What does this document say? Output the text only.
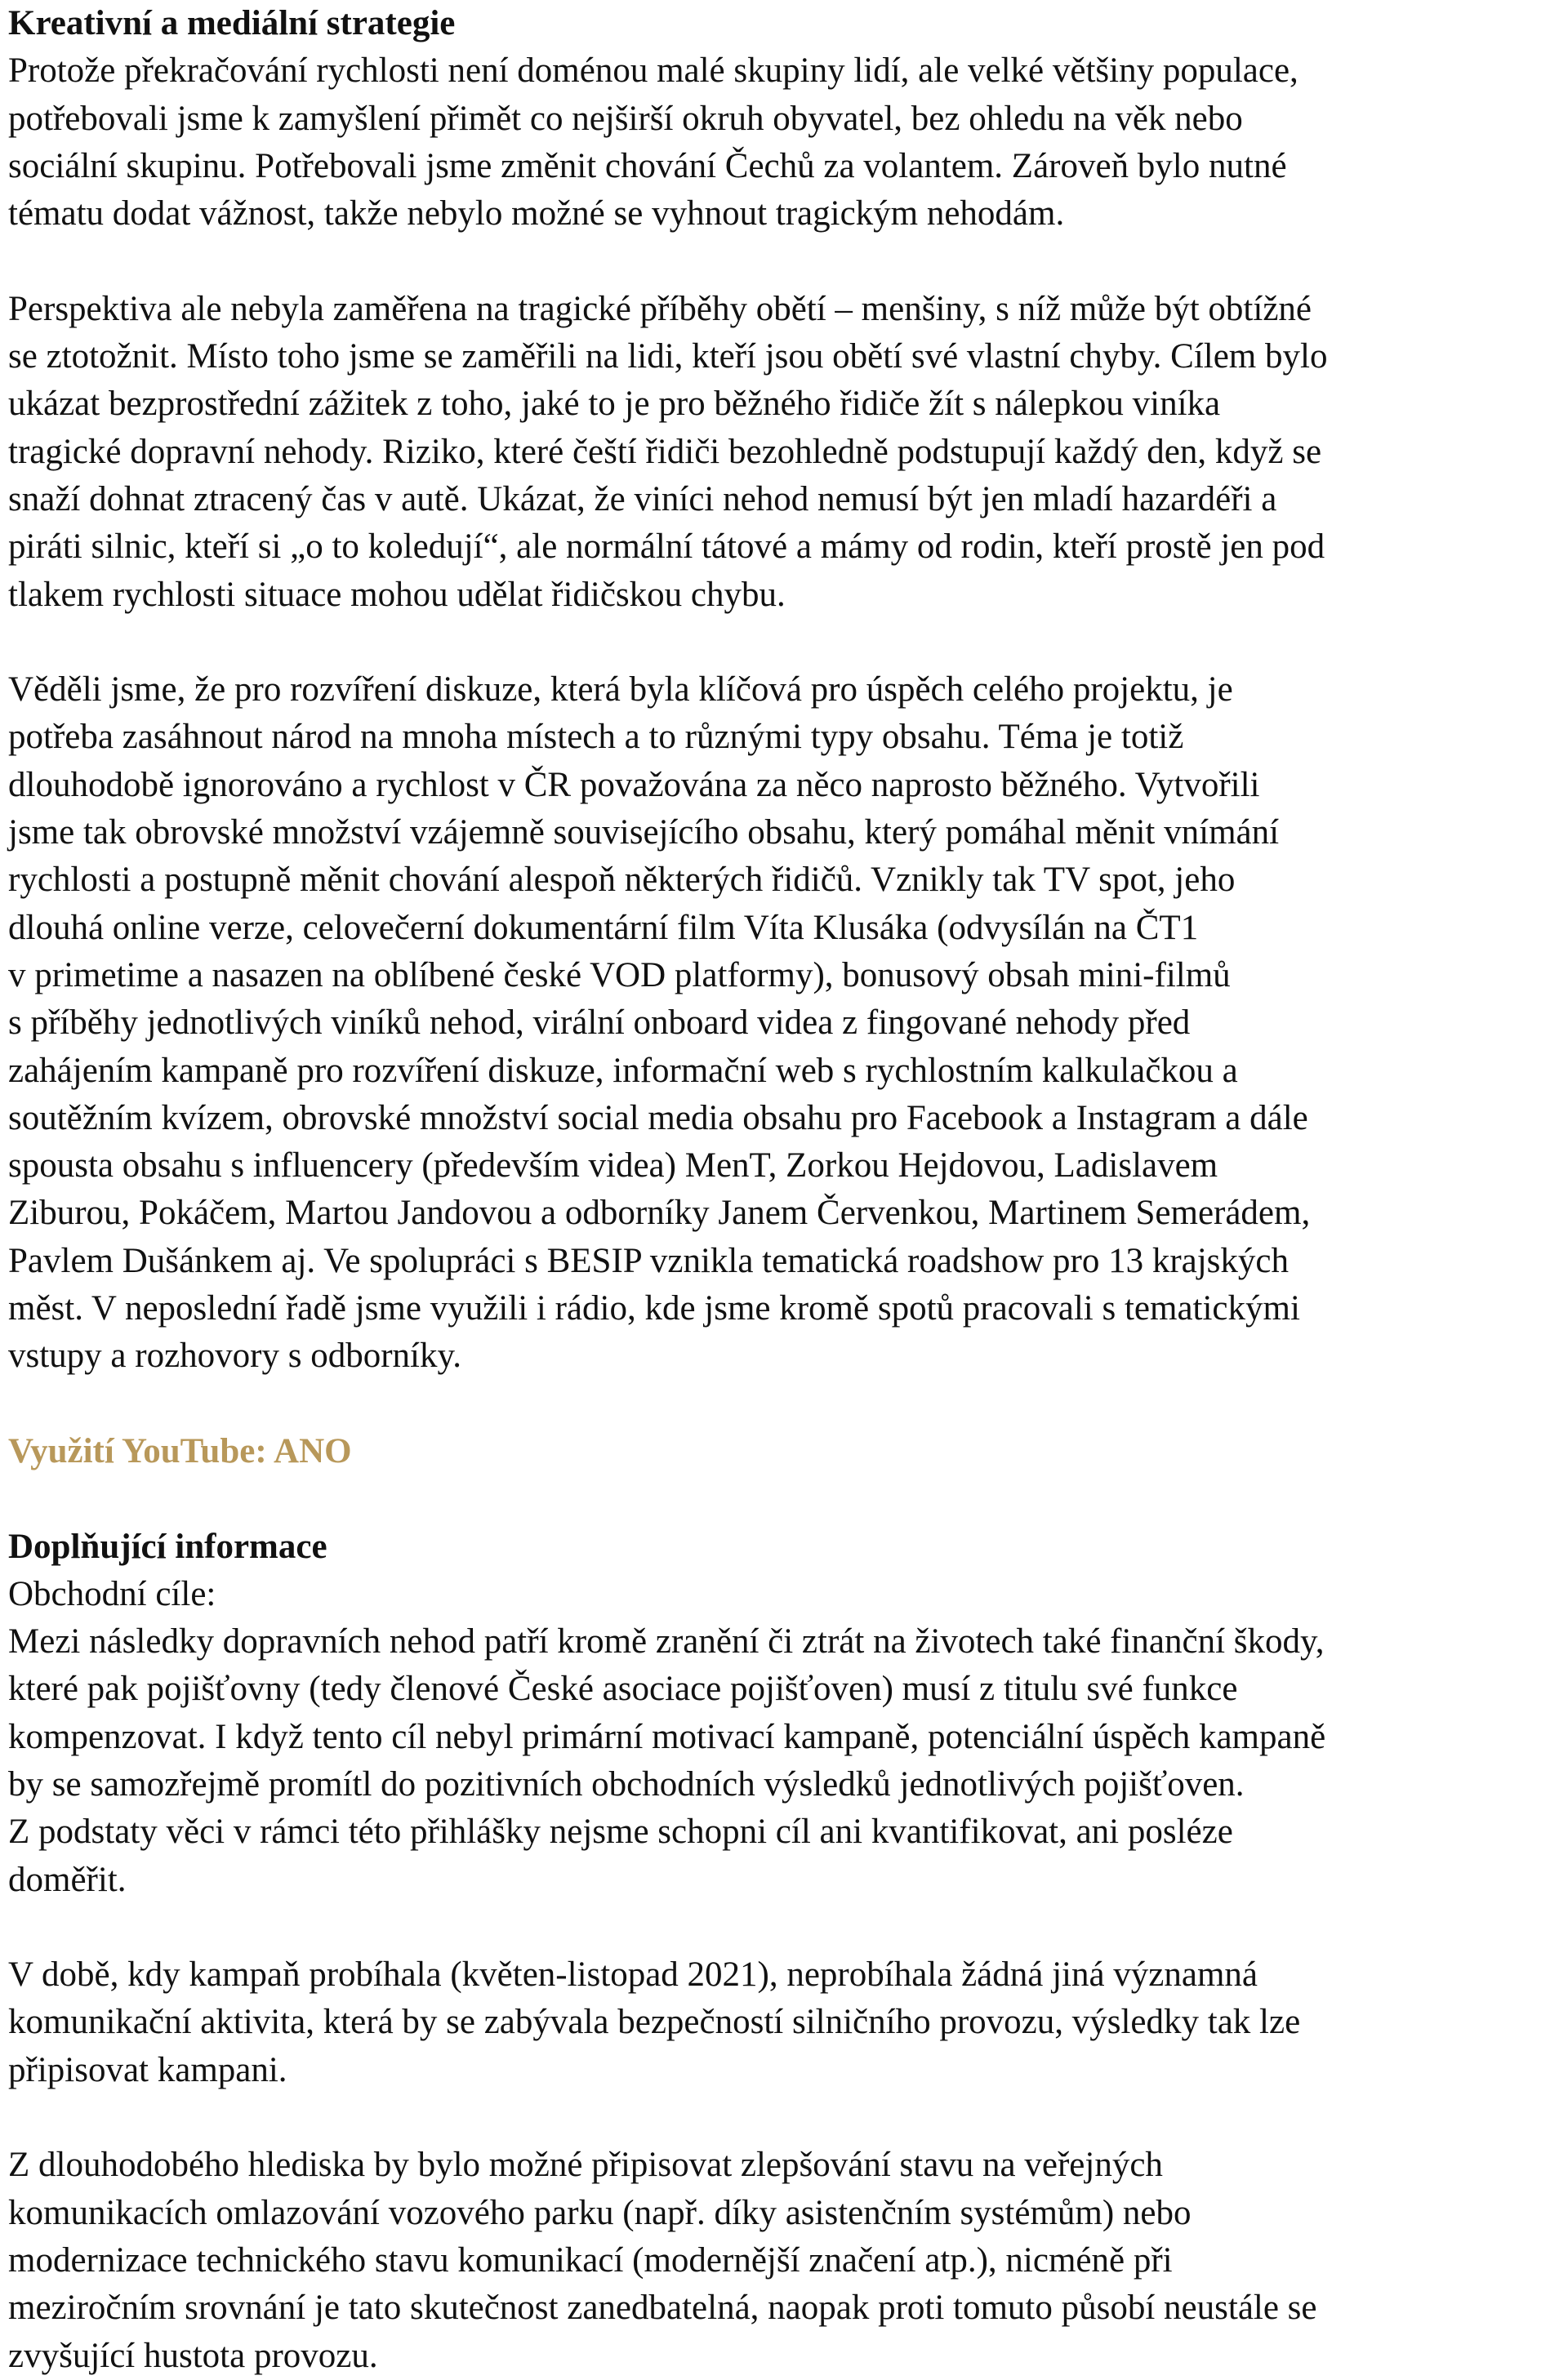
Kreativní a mediální strategie

Protože překračování rychlosti není doménou malé skupiny lidí, ale velké většiny populace,
potřebovali jsme k zamyšlení přimět co nejširší okruh obyvatel, bez ohledu na věk nebo
sociální skupinu. Potřebovali jsme změnit chování Čechů za volantem. Zároveň bylo nutné
tématu dodat vážnost, takže nebylo možné se vyhnout tragickým nehodám.

Perspektiva ale nebyla zaměřena na tragické příběhy obětí – menšiny, s níž může být obtížné
se ztotožnit. Místo toho jsme se zaměřili na lidi, kteří jsou obětí své vlastní chyby. Cílem bylo
ukázat bezprostřední zážitek z toho, jaké to je pro běžného řidiče žít s nálepkou viníka
tragické dopravní nehody. Riziko, které čeští řidiči bezohledně podstupují každý den, když se
snaží dohnat ztracený čas v autě. Ukázat, že viníci nehod nemusí být jen mladí hazardéři a
piráti silnic, kteří si „o to koledují“, ale normální tátové a mámy od rodin, kteří prostě jen pod
tlakem rychlosti situace mohou udělat řidičskou chybu.

Věděli jsme, že pro rozvíření diskuze, která byla klíčová pro úspěch celého projektu, je
potřeba zasáhnout národ na mnoha místech a to různými typy obsahu. Téma je totiž
dlouhodobě ignorováno a rychlost v ČR považována za něco naprosto běžného. Vytvořili
jsme tak obrovské množství vzájemně souvisejícího obsahu, který pomáhal měnit vnímání
rychlosti a postupně měnit chování alespoň některých řidičů. Vznikly tak TV spot, jeho
dlouhá online verze, celovečerní dokumentární film Víta Klusáka (odvysílán na ČT1
v primetime a nasazen na oblíbené české VOD platformy), bonusový obsah mini-filmů
s příběhy jednotlivých viníků nehod, virální onboard videa z fingované nehody před
zahájením kampaně pro rozvíření diskuze, informační web s rychlostním kalkulačkou a
soutěžním kvízem, obrovské množství social media obsahu pro Facebook a Instagram a dále
spousta obsahu s influencery (především videa) MenT, Zorkou Hejdovou, Ladislavem
Ziburou, Pokáčem, Martou Jandovou a odborníky Janem Červenkou, Martinem Semerádem,
Pavlem Dušánkem aj. Ve spolupráci s BESIP vznikla tematická roadshow pro 13 krajských
měst. V neposlední řadě jsme využili i rádio, kde jsme kromě spotů pracovali s tematickými
vstupy a rozhovory s odborníky.

Využití YouTube: ANO

Doplňující informace

Obchodní cíle:

Mezi následky dopravních nehod patří kromě zranění či ztrát na životech také finanční škody,
které pak pojišťovny (tedy členové České asociace pojišťoven) musí z titulu své funkce
kompenzovat. I když tento cíl nebyl primární motivací kampaně, potenciální úspěch kampaně
by se samozřejmě promítl do pozitivních obchodních výsledků jednotlivých pojišťoven.
Z podstaty věci v rámci této přihlášky nejsme schopni cíl ani kvantifikovat, ani posléze
doměřit.

V době, kdy kampaň probíhala (květen-listopad 2021), neprobíhala žádná jiná významná
komunikační aktivita, která by se zabývala bezpečností silničního provozu, výsledky tak lze
připisovat kampani.

Z dlouhodobého hlediska by bylo možné připisovat zlepšování stavu na veřejných
komunikacích omlazování vozového parku (např. díky asistenčním systémům) nebo
modernizace technického stavu komunikací (modernější značení atp.), nicméně při
meziročním srovnání je tato skutečnost zanedbatelná, naopak proti tomuto působí neustále se
zvyšující hustota provozu.
